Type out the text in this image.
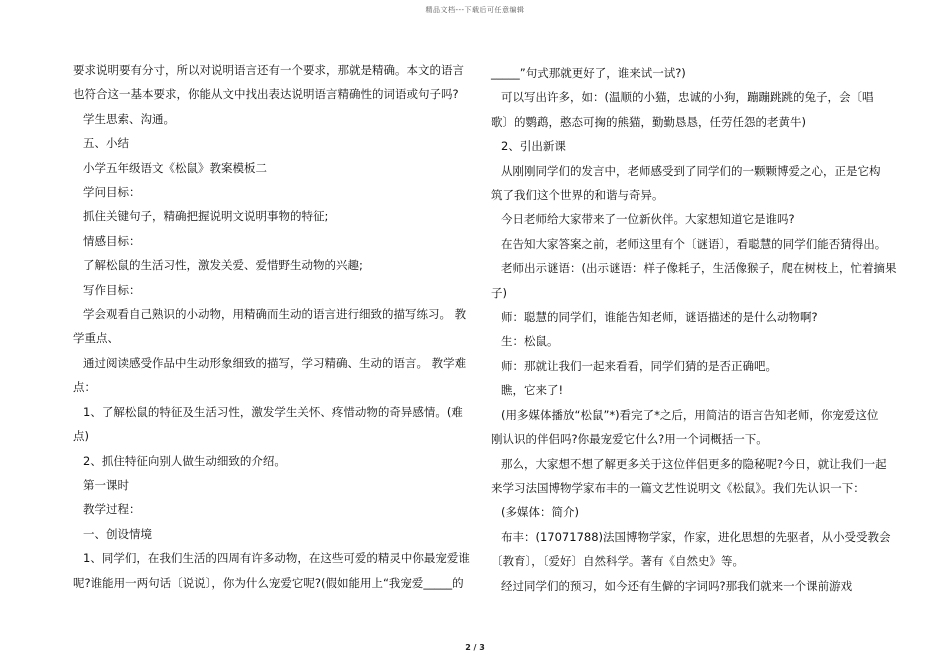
精品文档---下载后可任意编辑

要求说明要有分寸，所以对说明语言还有一个要求，那就是精确。本文的语言

也符合这一基本要求，你能从文中找出表达说明语言精确性的词语或句子吗?

学生思索、沟通。

五、小结

小学五年级语文《松鼠》教案模板二

学问目标：

抓住关键句子，精确把握说明文说明事物的特征;

情感目标：

了解松鼠的生活习性，激发关爱、爱惜野生动物的兴趣;

写作目标：

学会观看自己熟识的小动物，用精确而生动的语言进行细致的描写练习。 教

学重点、

通过阅读感受作品中生动形象细致的描写，学习精确、生动的语言。 教学难

点：

1、了解松鼠的特征及生活习性，激发学生关怀、疼惜动物的奇异感情。(难

点)

2、抓住特征向别人做生动细致的介绍。

第一课时

教学过程：

一、创设情境

1、同学们，在我们生活的四周有许多动物，在这些可爱的精灵中你最宠爱谁

呢?谁能用一两句话〔说说〕，你为什么宠爱它呢?(假如能用上“我宠爱_____的

_____”句式那就更好了，谁来试一试?)

可以写出许多，如：(温顺的小猫，忠诚的小狗，蹦蹦跳跳的兔子，会〔唱

歌〕的鹦鹉，憨态可掬的熊猫，勤勤恳恳，任劳任怨的老黄牛)

2、引出新课

从刚刚同学们的发言中，老师感受到了同学们的一颗颗博爱之心，正是它构

筑了我们这个世界的和谐与奇异。

今日老师给大家带来了一位新伙伴。大家想知道它是谁吗?

在告知大家答案之前，老师这里有个〔谜语〕，看聪慧的同学们能否猜得出。

老师出示谜语：(出示谜语：样子像耗子，生活像猴子，爬在树枝上，忙着摘果

子)

师：聪慧的同学们，谁能告知老师，谜语描述的是什么动物啊?

生：松鼠。

师：那就让我们一起来看看，同学们猜的是否正确吧。

瞧，它来了!

(用多媒体播放“松鼠”*)看完了*之后，用简洁的语言告知老师，你宠爱这位

刚认识的伴侣吗?你最宠爱它什么?用一个词概括一下。

那么，大家想不想了解更多关于这位伴侣更多的隐秘呢?今日，就让我们一起

来学习法国博物学家布丰的一篇文艺性说明文《松鼠》。我们先认识一下：

(多媒体：简介)

布丰：(17071788)法国博物学家，作家，进化思想的先驱者，从小受受教会

〔教育〕，〔爱好〕自然科学。著有《自然史》等。

经过同学们的预习，如今还有生僻的字词吗?那我们就来一个课前游戏

2 / 3
